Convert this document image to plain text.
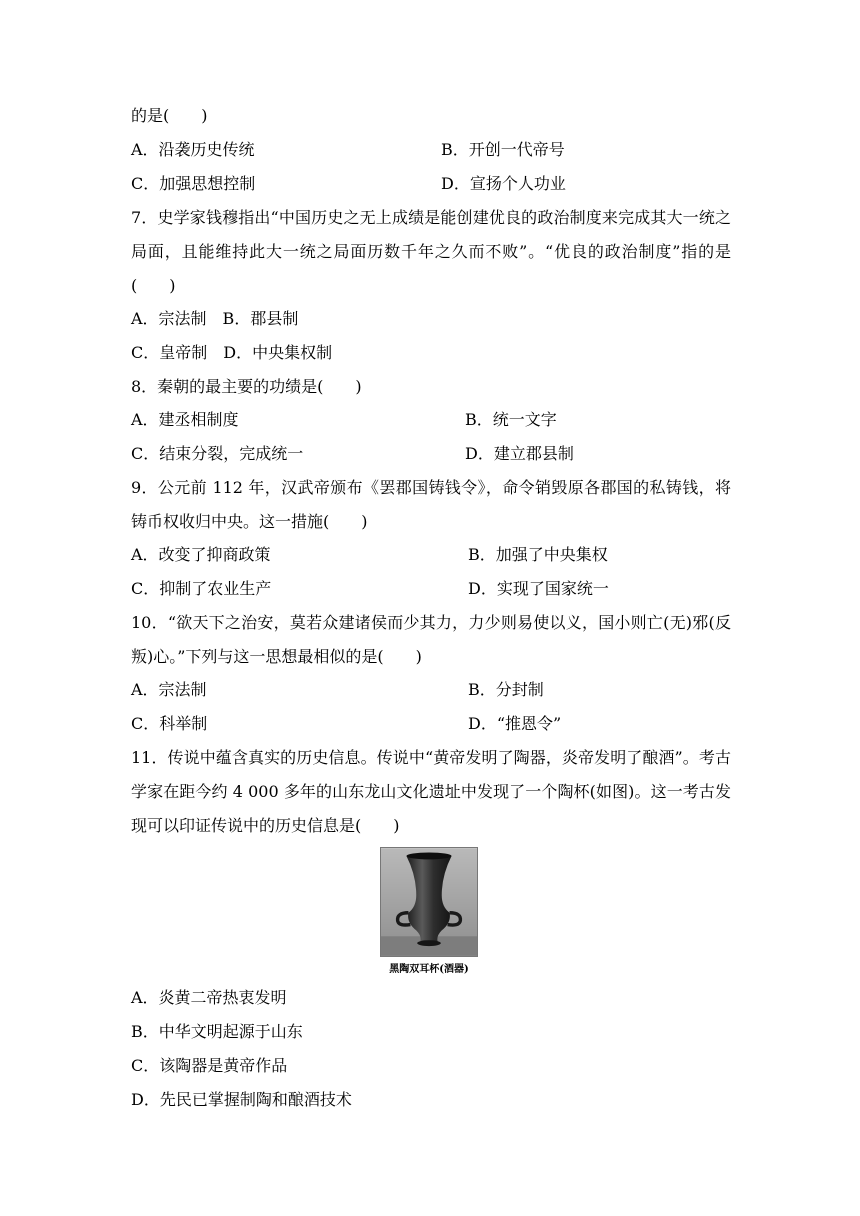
的是(　　)
A．沿袭历史传统	B．开创一代帝号
C．加强思想控制	D．宣扬个人功业
7．史学家钱穆指出“中国历史之无上成绩是能创建优良的政治制度来完成其大一统之局面，且能维持此大一统之局面历数千年之久而不败”。“优良的政治制度”指的是(　　)
A．宗法制　B．郡县制
C．皇帝制　D．中央集权制
8．秦朝的最主要的功绩是(　　)
A．建丞相制度	B．统一文字
C．结束分裂，完成统一	D．建立郡县制
9．公元前 112 年，汉武帝颁布《罢郡国铸钱令》，命令销毁原各郡国的私铸钱，将铸币权收归中央。这一措施(　　)
A．改变了抑商政策	B．加强了中央集权
C．抑制了农业生产	D．实现了国家统一
10．“欲天下之治安，莫若众建诸侯而少其力，力少则易使以义，国小则亡(无)邪(反叛)心。”下列与这一思想最相似的是(　　)
A．宗法制	B．分封制
C．科举制	D．“推恩令”
11．传说中蕴含真实的历史信息。传说中“黄帝发明了陶器，炎帝发明了酿酒”。考古学家在距今约 4 000 多年的山东龙山文化遗址中发现了一个陶杯(如图)。这一考古发现可以印证传说中的历史信息是(　　)
黑陶双耳杯(酒器)
A．炎黄二帝热衷发明
B．中华文明起源于山东
C．该陶器是黄帝作品
D．先民已掌握制陶和酿酒技术
